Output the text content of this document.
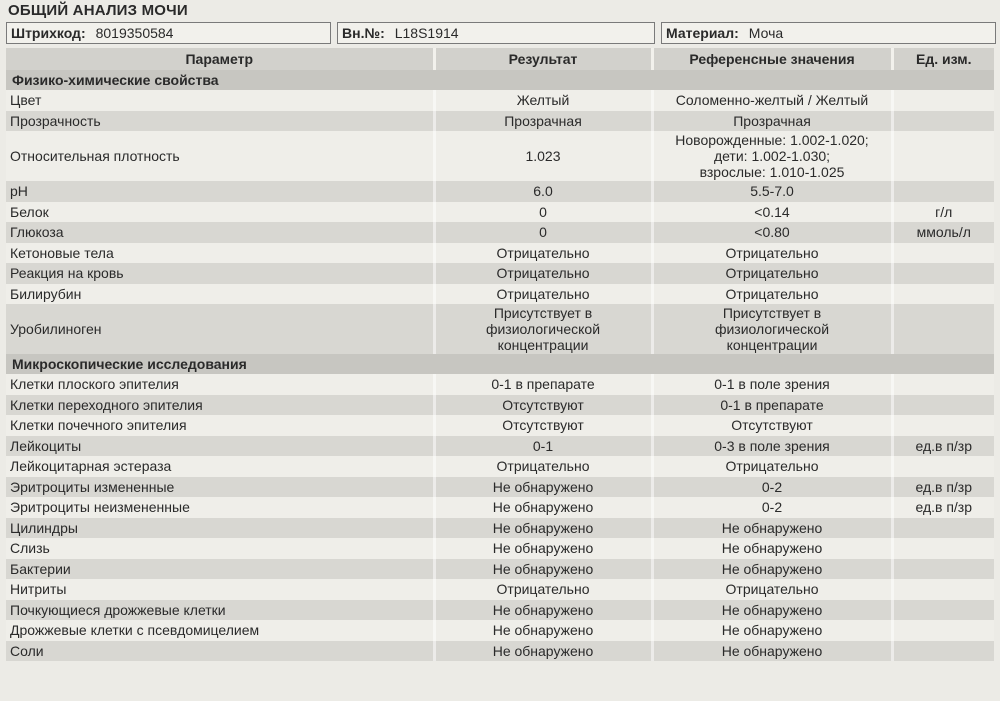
ОБЩИЙ АНАЛИЗ МОЧИ
Штрихкод: 8019350584	Вн.№: L18S1914	Материал: Моча
Параметр	Результат	Референсные значения	Ед. изм.
Физико-химические свойства			
Цвет	Желтый	Соломенно-желтый / Желтый	
Прозрачность	Прозрачная	Прозрачная	
Относительная плотность	1.023	Новорожденные: 1.002-1.020;
дети: 1.002-1.030;
взрослые: 1.010-1.025	
pH	6.0	5.5-7.0	
Белок	0	<0.14	г/л
Глюкоза	0	<0.80	ммоль/л
Кетоновые тела	Отрицательно	Отрицательно	
Реакция на кровь	Отрицательно	Отрицательно	
Билирубин	Отрицательно	Отрицательно	
Уробилиноген	Присутствует в
физиологической
концентрации	Присутствует в
физиологической
концентрации	
Микроскопические исследования			
Клетки плоского эпителия	0-1 в препарате	0-1 в поле зрения	
Клетки переходного эпителия	Отсутствуют	0-1 в препарате	
Клетки почечного эпителия	Отсутствуют	Отсутствуют	
Лейкоциты	0-1	0-3 в поле зрения	ед.в п/зр
Лейкоцитарная эстераза	Отрицательно	Отрицательно	
Эритроциты измененные	Не обнаружено	0-2	ед.в п/зр
Эритроциты неизмененные	Не обнаружено	0-2	ед.в п/зр
Цилиндры	Не обнаружено	Не обнаружено	
Слизь	Не обнаружено	Не обнаружено	
Бактерии	Не обнаружено	Не обнаружено	
Нитриты	Отрицательно	Отрицательно	
Почкующиеся дрожжевые клетки	Не обнаружено	Не обнаружено	
Дрожжевые клетки с псевдомицелием	Не обнаружено	Не обнаружено	
Соли	Не обнаружено	Не обнаружено	
